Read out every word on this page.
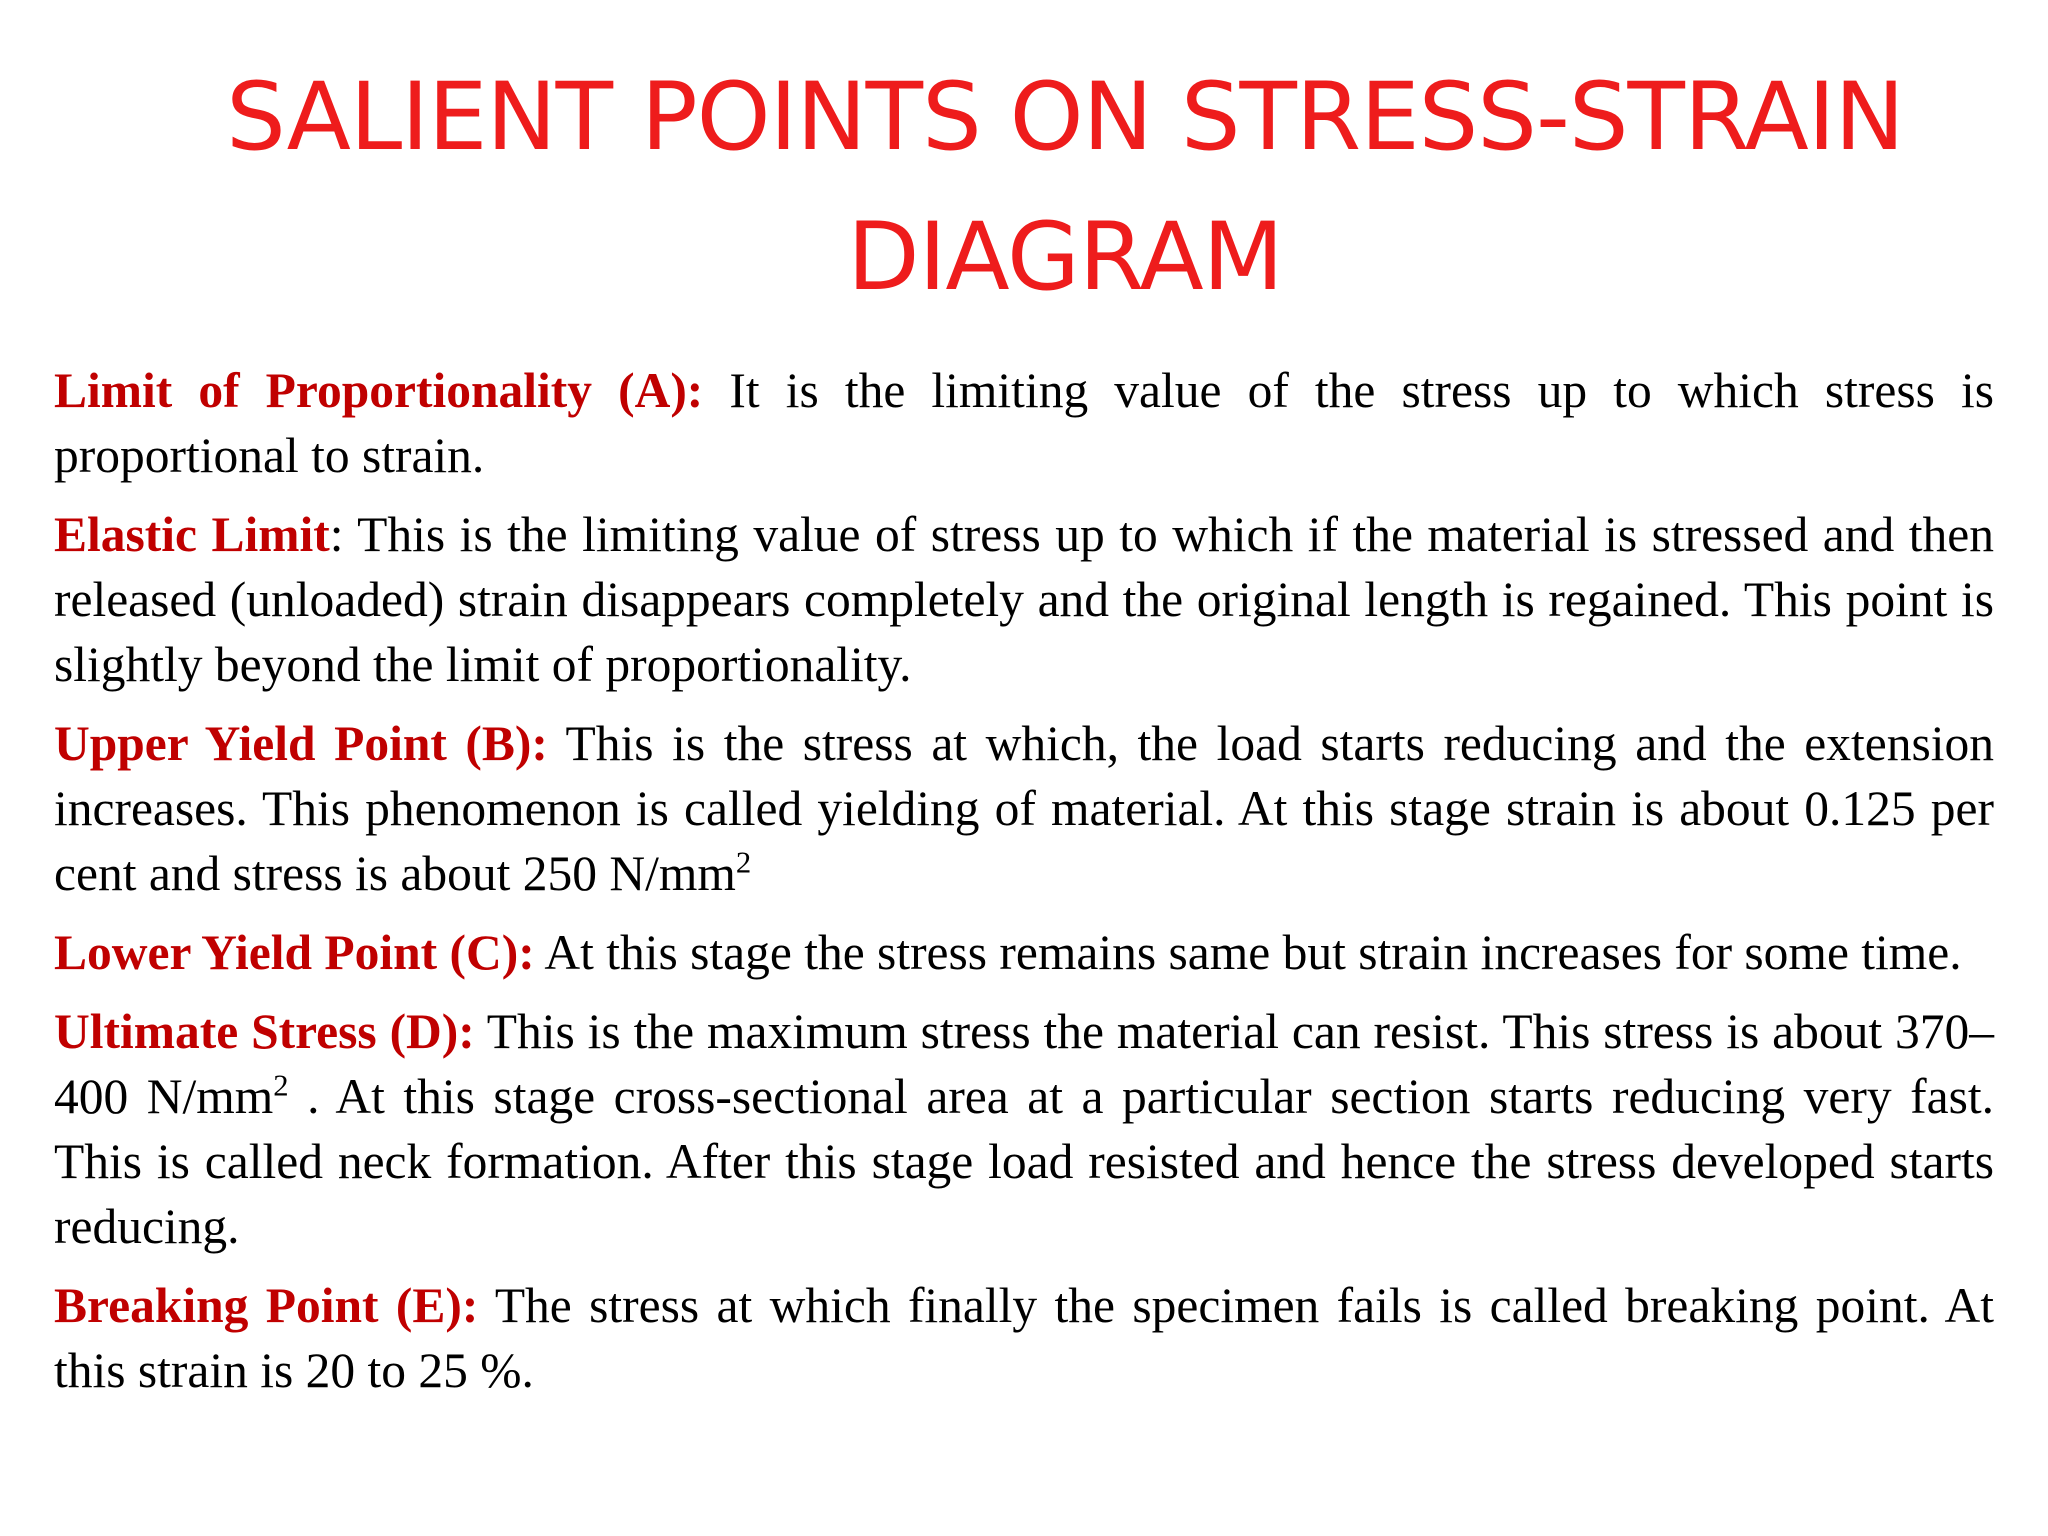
SALIENT POINTS ON STRESS-STRAIN
DIAGRAM

Limit of Proportionality (A): It is the limiting value of the stress up to which stress is proportional to strain.

Elastic Limit: This is the limiting value of stress up to which if the material is stressed and then released (unloaded) strain disappears completely and the original length is regained. This point is slightly beyond the limit of proportionality.

Upper Yield Point (B): This is the stress at which, the load starts reducing and the extension increases. This phenomenon is called yielding of material. At this stage strain is about 0.125 per cent and stress is about 250 $N/mm^2$

Lower Yield Point (C): At this stage the stress remains same but strain increases for some time.

Ultimate Stress (D): This is the maximum stress the material can resist. This stress is about 370–400 $N/mm^2$ . At this stage cross-sectional area at a particular section starts reducing very fast. This is called neck formation. After this stage load resisted and hence the stress developed starts reducing.

Breaking Point (E): The stress at which finally the specimen fails is called breaking point. At this strain is 20 to 25 %.
